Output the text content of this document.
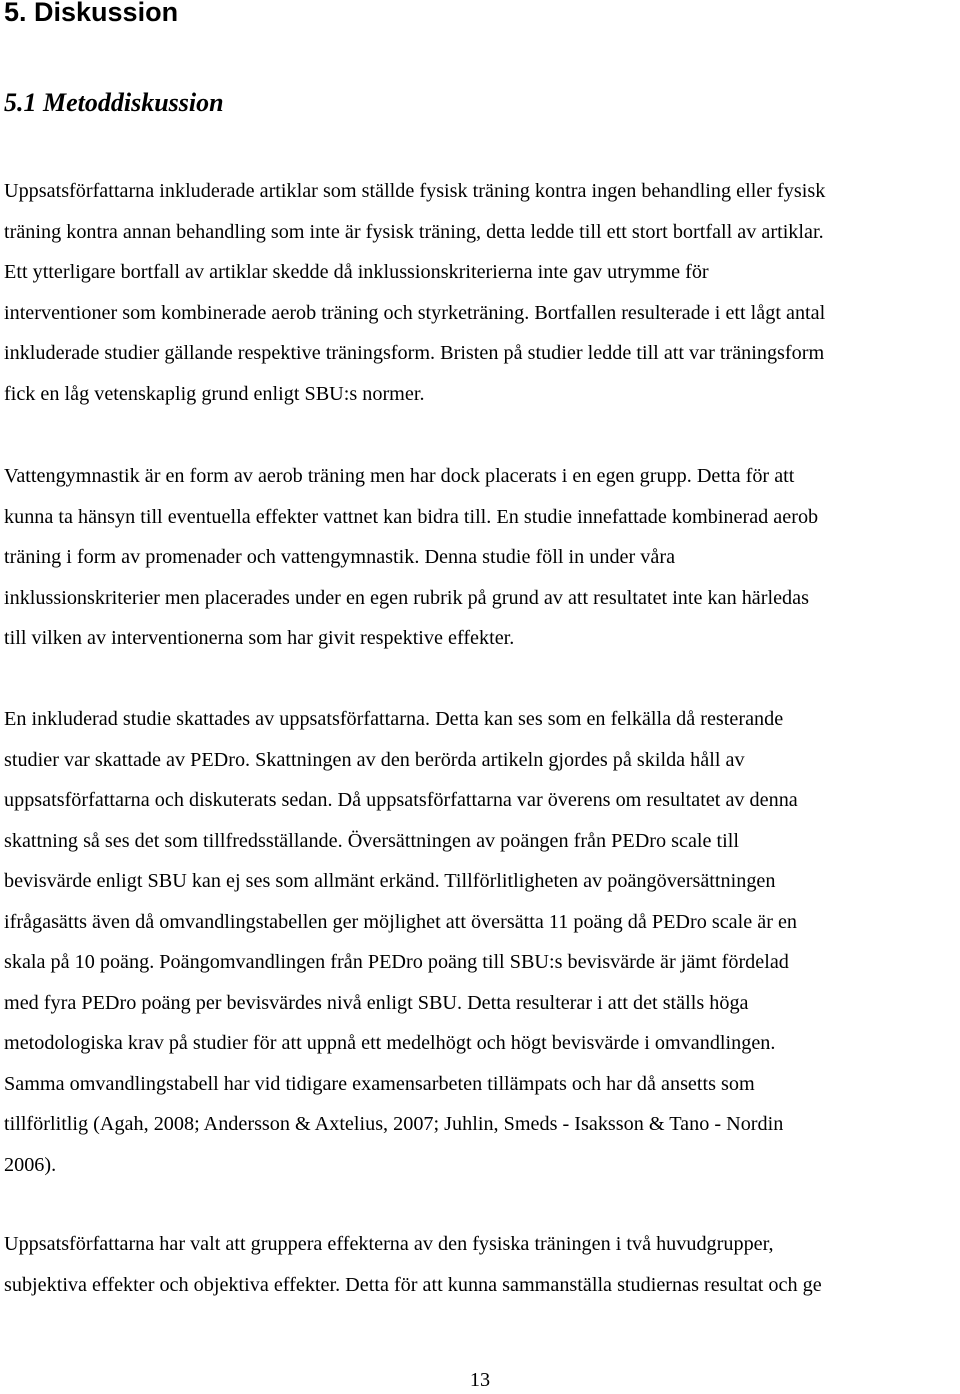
5. Diskussion
5.1 Metoddiskussion
Uppsatsförfattarna inkluderade artiklar som ställde fysisk träning kontra ingen behandling eller fysisk
träning kontra annan behandling som inte är fysisk träning, detta ledde till ett stort bortfall av artiklar.
Ett ytterligare bortfall av artiklar skedde då inklussionskriterierna inte gav utrymme för
interventioner som kombinerade aerob träning och styrketräning. Bortfallen resulterade i ett lågt antal
inkluderade studier gällande respektive träningsform. Bristen på studier ledde till att var träningsform
fick en låg vetenskaplig grund enligt SBU:s normer.
Vattengymnastik är en form av aerob träning men har dock placerats i en egen grupp. Detta för att
kunna ta hänsyn till eventuella effekter vattnet kan bidra till. En studie innefattade kombinerad aerob
träning i form av promenader och vattengymnastik. Denna studie föll in under våra
inklussionskriterier men placerades under en egen rubrik på grund av att resultatet inte kan härledas
till vilken av interventionerna som har givit respektive effekter.
En inkluderad studie skattades av uppsatsförfattarna. Detta kan ses som en felkälla då resterande
studier var skattade av PEDro. Skattningen av den berörda artikeln gjordes på skilda håll av
uppsatsförfattarna och diskuterats sedan. Då uppsatsförfattarna var överens om resultatet av denna
skattning så ses det som tillfredsställande. Översättningen av poängen från PEDro scale till
bevisvärde enligt SBU kan ej ses som allmänt erkänd. Tillförlitligheten av poängöversättningen
ifrågasätts även då omvandlingstabellen ger möjlighet att översätta 11 poäng då PEDro scale är en
skala på 10 poäng. Poängomvandlingen från PEDro poäng till SBU:s bevisvärde är jämt fördelad
med fyra PEDro poäng per bevisvärdes nivå enligt SBU. Detta resulterar i att det ställs höga
metodologiska krav på studier för att uppnå ett medelhögt och högt bevisvärde i omvandlingen.
Samma omvandlingstabell har vid tidigare examensarbeten tillämpats och har då ansetts som
tillförlitlig (Agah, 2008; Andersson & Axtelius, 2007; Juhlin, Smeds - Isaksson & Tano - Nordin
2006).
Uppsatsförfattarna har valt att gruppera effekterna av den fysiska träningen i två huvudgrupper,
subjektiva effekter och objektiva effekter. Detta för att kunna sammanställa studiernas resultat och ge
13
